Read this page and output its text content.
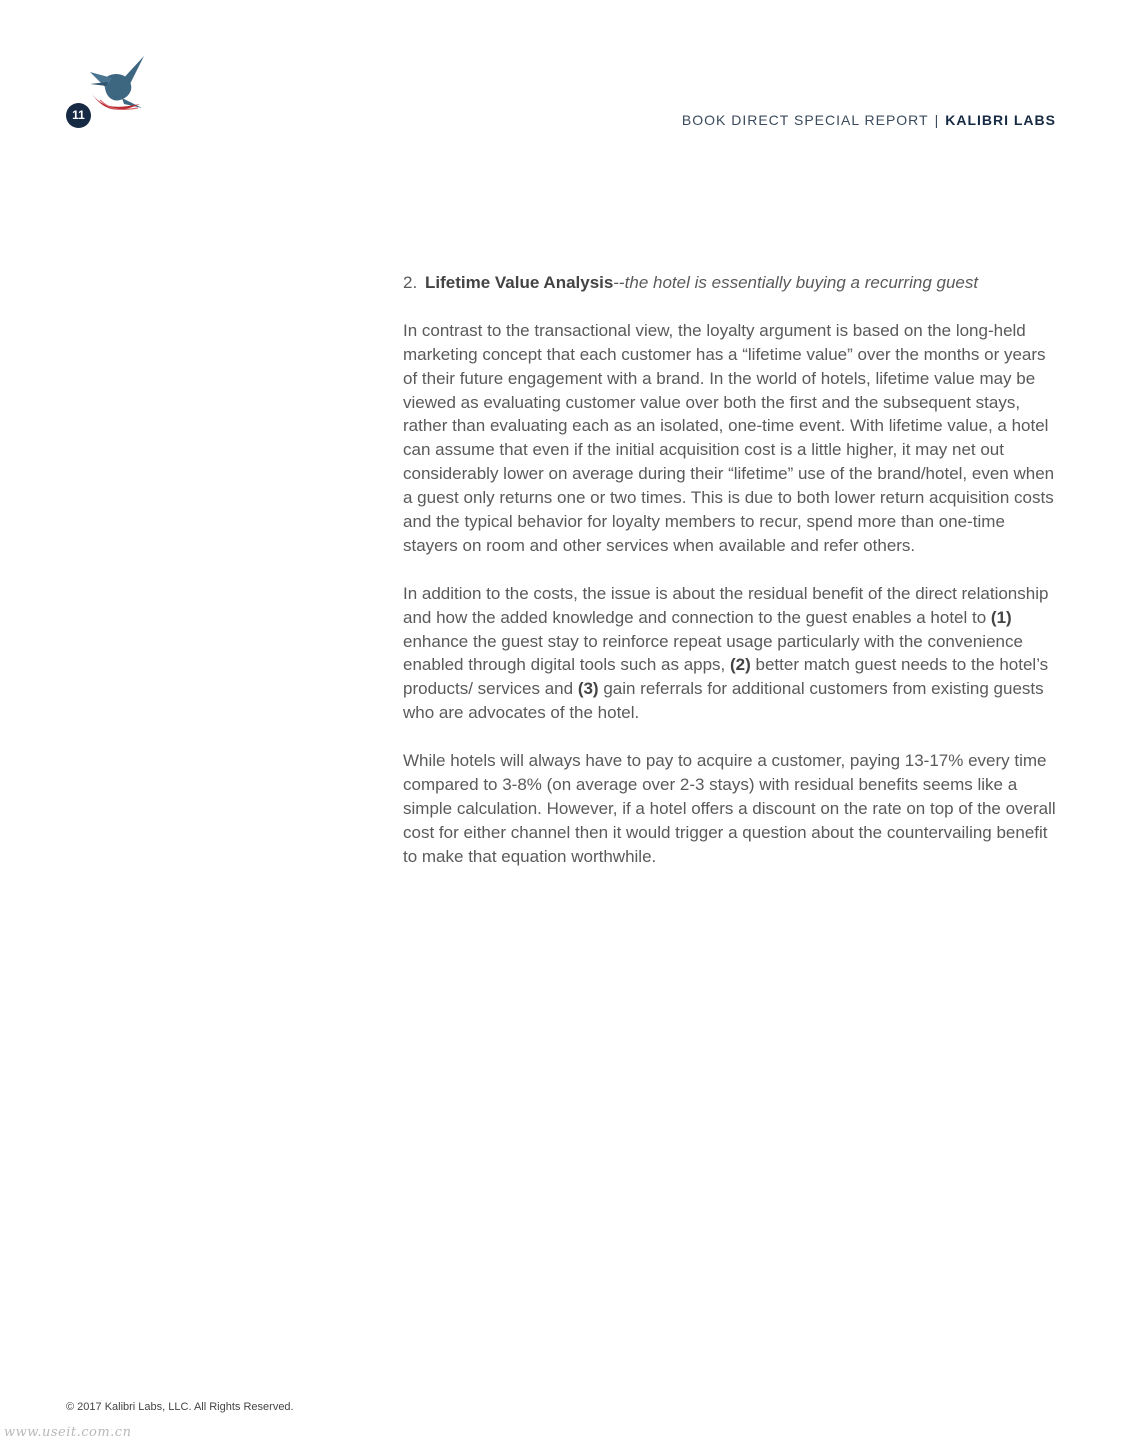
11	BOOK DIRECT SPECIAL REPORT | KALIBRI LABS
2. Lifetime Value Analysis--the hotel is essentially buying a recurring guest

In contrast to the transactional view, the loyalty argument is based on the long-held marketing concept that each customer has a “lifetime value” over the months or years of their future engagement with a brand. In the world of hotels, lifetime value may be viewed as evaluating customer value over both the first and the subsequent stays, rather than evaluating each as an isolated, one-time event. With lifetime value, a hotel can assume that even if the initial acquisition cost is a little higher, it may net out considerably lower on average during their “lifetime” use of the brand/hotel, even when a guest only returns one or two times. This is due to both lower return acquisition costs and the typical behavior for loyalty members to recur, spend more than one-time stayers on room and other services when available and refer others.

In addition to the costs, the issue is about the residual benefit of the direct relationship and how the added knowledge and connection to the guest enables a hotel to (1) enhance the guest stay to reinforce repeat usage particularly with the convenience enabled through digital tools such as apps, (2) better match guest needs to the hotel’s products/ services and (3) gain referrals for additional customers from existing guests who are advocates of the hotel.

While hotels will always have to pay to acquire a customer, paying 13-17% every time compared to 3-8% (on average over 2-3 stays) with residual benefits seems like a simple calculation. However, if a hotel offers a discount on the rate on top of the overall cost for either channel then it would trigger a question about the countervailing benefit to make that equation worthwhile.

© 2017 Kalibri Labs, LLC. All Rights Reserved.
www.useit.com.cn
